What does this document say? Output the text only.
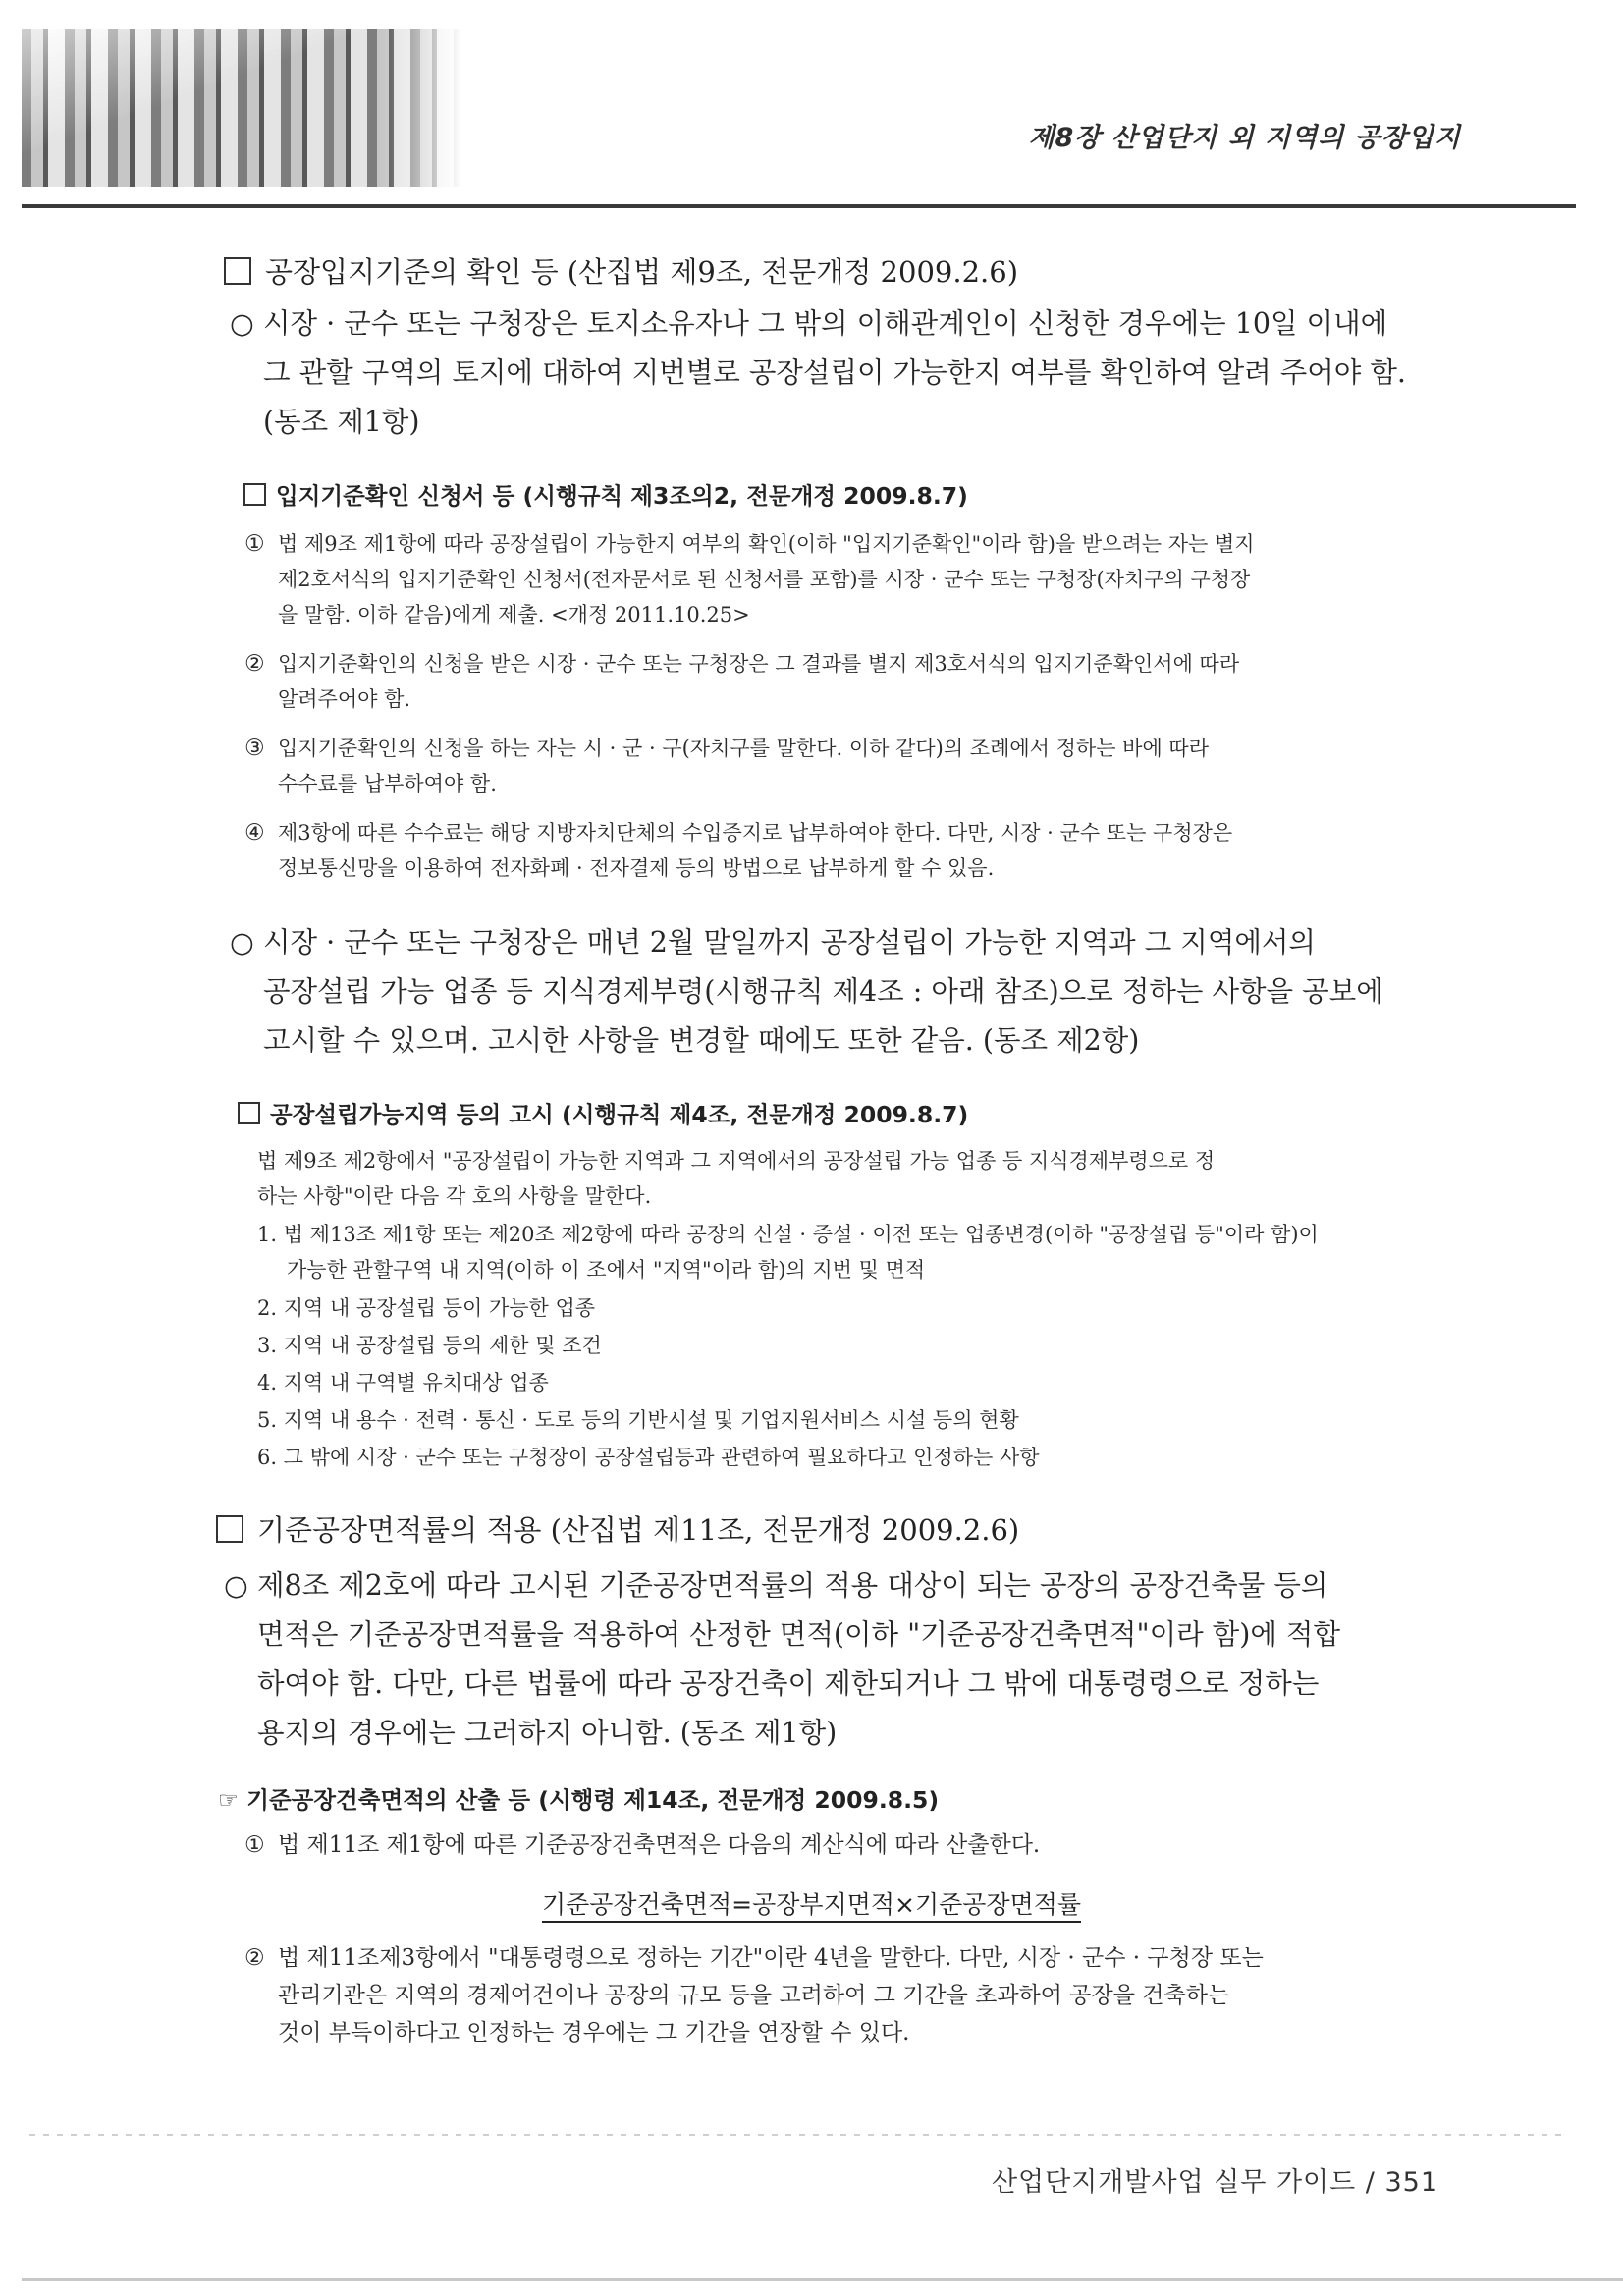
제8장 산업단지 외 지역의 공장입지
공장입지기준의 확인 등 (산집법 제9조, 전문개정 2009.2.6)
○ 시장 · 군수 또는 구청장은 토지소유자나 그 밖의 이해관계인이 신청한 경우에는 10일 이내에
그 관할 구역의 토지에 대하여 지번별로 공장설립이 가능한지 여부를 확인하여 알려 주어야 함.
(동조 제1항)
입지기준확인 신청서 등 (시행규칙 제3조의2, 전문개정 2009.8.7)
① 법 제9조 제1항에 따라 공장설립이 가능한지 여부의 확인(이하 "입지기준확인"이라 함)을 받으려는 자는 별지
제2호서식의 입지기준확인 신청서(전자문서로 된 신청서를 포함)를 시장 · 군수 또는 구청장(자치구의 구청장
을 말함. 이하 같음)에게 제출. <개정 2011.10.25>
② 입지기준확인의 신청을 받은 시장 · 군수 또는 구청장은 그 결과를 별지 제3호서식의 입지기준확인서에 따라
알려주어야 함.
③ 입지기준확인의 신청을 하는 자는 시 · 군 · 구(자치구를 말한다. 이하 같다)의 조례에서 정하는 바에 따라
수수료를 납부하여야 함.
④ 제3항에 따른 수수료는 해당 지방자치단체의 수입증지로 납부하여야 한다. 다만, 시장 · 군수 또는 구청장은
정보통신망을 이용하여 전자화폐 · 전자결제 등의 방법으로 납부하게 할 수 있음.
○ 시장 · 군수 또는 구청장은 매년 2월 말일까지 공장설립이 가능한 지역과 그 지역에서의
공장설립 가능 업종 등 지식경제부령(시행규칙 제4조 : 아래 참조)으로 정하는 사항을 공보에
고시할 수 있으며. 고시한 사항을 변경할 때에도 또한 같음. (동조 제2항)
공장설립가능지역 등의 고시 (시행규칙 제4조, 전문개정 2009.8.7)
법 제9조 제2항에서 "공장설립이 가능한 지역과 그 지역에서의 공장설립 가능 업종 등 지식경제부령으로 정
하는 사항"이란 다음 각 호의 사항을 말한다.
1. 법 제13조 제1항 또는 제20조 제2항에 따라 공장의 신설 · 증설 · 이전 또는 업종변경(이하 "공장설립 등"이라 함)이
가능한 관할구역 내 지역(이하 이 조에서 "지역"이라 함)의 지번 및 면적
2. 지역 내 공장설립 등이 가능한 업종
3. 지역 내 공장설립 등의 제한 및 조건
4. 지역 내 구역별 유치대상 업종
5. 지역 내 용수 · 전력 · 통신 · 도로 등의 기반시설 및 기업지원서비스 시설 등의 현황
6. 그 밖에 시장 · 군수 또는 구청장이 공장설립등과 관련하여 필요하다고 인정하는 사항
기준공장면적률의 적용 (산집법 제11조, 전문개정 2009.2.6)
○ 제8조 제2호에 따라 고시된 기준공장면적률의 적용 대상이 되는 공장의 공장건축물 등의
면적은 기준공장면적률을 적용하여 산정한 면적(이하 "기준공장건축면적"이라 함)에 적합
하여야 함. 다만, 다른 법률에 따라 공장건축이 제한되거나 그 밖에 대통령령으로 정하는
용지의 경우에는 그러하지 아니함. (동조 제1항)
☞ 기준공장건축면적의 산출 등 (시행령 제14조, 전문개정 2009.8.5)
① 법 제11조 제1항에 따른 기준공장건축면적은 다음의 계산식에 따라 산출한다.
기준공장건축면적=공장부지면적×기준공장면적률
② 법 제11조제3항에서 "대통령령으로 정하는 기간"이란 4년을 말한다. 다만, 시장 · 군수 · 구청장 또는
관리기관은 지역의 경제여건이나 공장의 규모 등을 고려하여 그 기간을 초과하여 공장을 건축하는
것이 부득이하다고 인정하는 경우에는 그 기간을 연장할 수 있다.
산업단지개발사업 실무 가이드 / 351
